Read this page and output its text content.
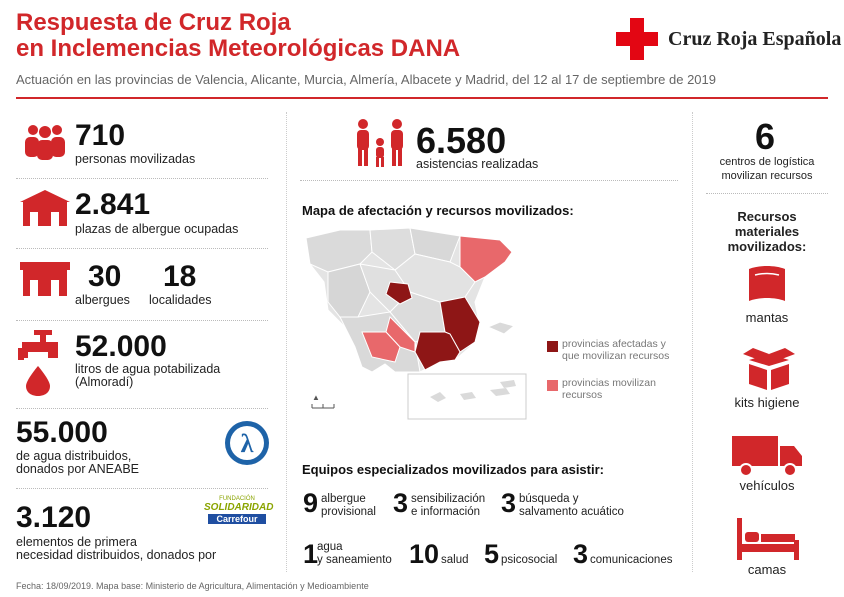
Respuesta de Cruz Roja
en Inclemencias Meteorológicas DANA
Actuación en las provincias de Valencia, Alicante, Murcia, Almería, Albacete y Madrid, del 12 al 17 de septiembre de 2019
Cruz Roja Española
710
personas movilizadas
2.841
plazas de albergue ocupadas
30
albergues
18
localidades
52.000
litros de agua potabilizada
(Almoradí)
55.000
de agua distribuidos,
donados por ANEABE
λ
3.120
elementos de primera
necesidad distribuidos, donados por
FUNDACIÓN
SOLIDARIDAD
Carrefour
6.580
asistencias realizadas
Mapa de afectación y recursos movilizados:
▲
provincias afectadas y
que movilizan recursos
provincias movilizan
recursos
Equipos especializados movilizados para asistir:
9 albergue
provisional 3 sensibilización
e información 3 búsqueda y
salvamento acuático
1
agua
y saneamiento 10 salud 5 psicosocial 3 comunicaciones
6
centros de logística
movilizan recursos
Recursos
materiales
movilizados:
mantas
kits higiene
vehículos
camas
Fecha: 18/09/2019. Mapa base: Ministerio de Agricultura, Alimentación y Medioambiente
